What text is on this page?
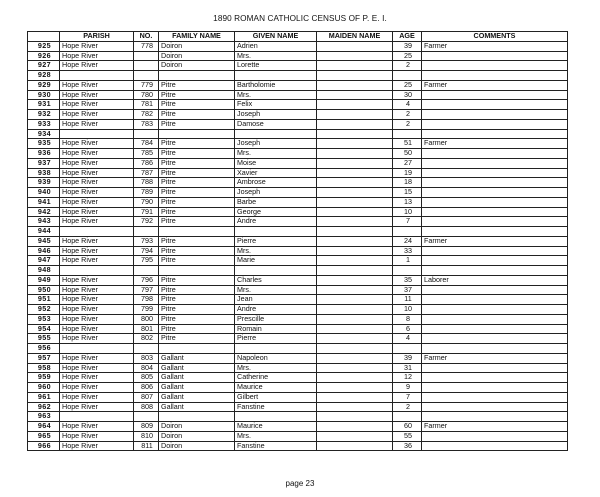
1890 ROMAN CATHOLIC CENSUS OF P. E. I.
	PARISH	NO.	FAMILY NAME	GIVEN NAME	MAIDEN NAME	AGE	COMMENTS
925	Hope River	778	Doiron	Adrien		39	Farmer
926	Hope River		Doiron	Mrs.		25	
927	Hope River		Doiron	Lorette		2	
928							
929	Hope River	779	Pitre	Bartholomie		25	Farmer
930	Hope River	780	Pitre	Mrs.		30	
931	Hope River	781	Pitre	Felix		4	
932	Hope River	782	Pitre	Joseph		2	
933	Hope River	783	Pitre	Damose		2	
934							
935	Hope River	784	Pitre	Joseph		51	Farmer
936	Hope River	785	Pitre	Mrs.		50	
937	Hope River	786	Pitre	Moise		27	
938	Hope River	787	Pitre	Xavier		19	
939	Hope River	788	Pitre	Ambrose		18	
940	Hope River	789	Pitre	Joseph		15	
941	Hope River	790	Pitre	Barbe		13	
942	Hope River	791	Pitre	George		10	
943	Hope River	792	Pitre	Andre		7	
944							
945	Hope River	793	Pitre	Pierre		24	Farmer
946	Hope River	794	Pitre	Mrs.		33	
947	Hope River	795	Pitre	Marie		1	
948							
949	Hope River	796	Pitre	Charles		35	Laborer
950	Hope River	797	Pitre	Mrs.		37	
951	Hope River	798	Pitre	Jean		11	
952	Hope River	799	Pitre	Andre		10	
953	Hope River	800	Pitre	Prescille		8	
954	Hope River	801	Pitre	Romain		6	
955	Hope River	802	Pitre	Pierre		4	
956							
957	Hope River	803	Gallant	Napoleon		39	Farmer
958	Hope River	804	Gallant	Mrs.		31	
959	Hope River	805	Gallant	Catherine		12	
960	Hope River	806	Gallant	Maurice		9	
961	Hope River	807	Gallant	Gilbert		7	
962	Hope River	808	Gallant	Fanstine		2	
963							
964	Hope River	809	Doiron	Maurice		60	Farmer
965	Hope River	810	Doiron	Mrs.		55	
966	Hope River	811	Doiron	Fanstine		36	
page 23
